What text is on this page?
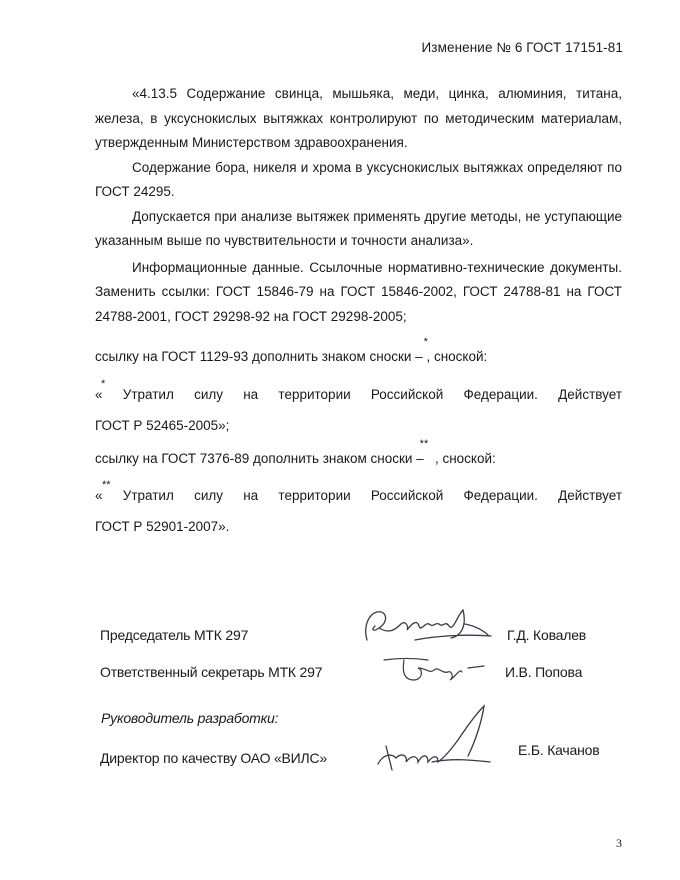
Изменение № 6 ГОСТ 17151-81

«4.13.5 Содержание свинца, мышьяка, меди, цинка, алюминия, титана, железа, в уксуснокислых вытяжках контролируют по методическим материалам, утвержденным Министерством здравоохранения.

Содержание бора, никеля и хрома в уксуснокислых вытяжках определяют по ГОСТ 24295.

Допускается при анализе вытяжек применять другие методы, не уступающие указанным выше по чувствительности и точности анализа».

Информационные данные. Ссылочные нормативно-технические документы. Заменить ссылки: ГОСТ 15846-79 на ГОСТ 15846-2002, ГОСТ 24788-81 на ГОСТ 24788-2001, ГОСТ 29298-92 на ГОСТ 29298-2005;

ссылку на ГОСТ 1129-93 дополнить знаком сноски –
*
, сноской:
*
« Утратил силу на территории Российской Федерации. Действует
ГОСТ Р 52465-2005»;
ссылку на ГОСТ 7376-89 дополнить знаком сноски –
**
, сноской:
**
« Утратил силу на территории Российской Федерации. Действует
ГОСТ Р 52901-2007».
Председатель МТК 297	Г.Д. Ковалев
Ответственный секретарь МТК 297	И.В. Попова
Руководитель разработки:
Директор по качеству ОАО «ВИЛС»	Е.Б. Качанов
3
